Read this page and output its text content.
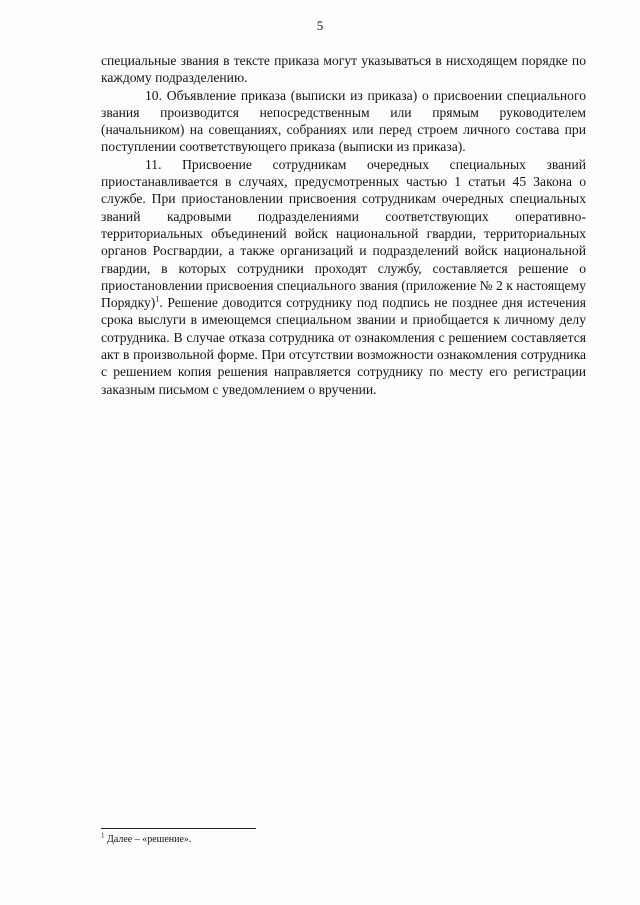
5

специальные звания в тексте приказа могут указываться в нисходящем порядке по каждому подразделению.

10. Объявление приказа (выписки из приказа) о присвоении специального звания производится непосредственным или прямым руководителем (начальником) на совещаниях, собраниях или перед строем личного состава при поступлении соответствующего приказа (выписки из приказа).

11. Присвоение сотрудникам очередных специальных званий приостанавливается в случаях, предусмотренных частью 1 статьи 45 Закона о службе. При приостановлении присвоения сотрудникам очередных специальных званий кадровыми подразделениями соответствующих оперативно-территориальных объединений войск национальной гвардии, территориальных органов Росгвардии, а также организаций и подразделений войск национальной гвардии, в которых сотрудники проходят службу, составляется решение о приостановлении присвоения специального звания (приложение № 2 к настоящему Порядку)$^1$. Решение доводится сотруднику под подпись не позднее дня истечения срока выслуги в имеющемся специальном звании и приобщается к личному делу сотрудника. В случае отказа сотрудника от ознакомления с решением составляется акт в произвольной форме. При отсутствии возможности ознакомления сотрудника с решением копия решения направляется сотруднику по месту его регистрации заказным письмом с уведомлением о вручении.

$^1$ Далее – «решение».
